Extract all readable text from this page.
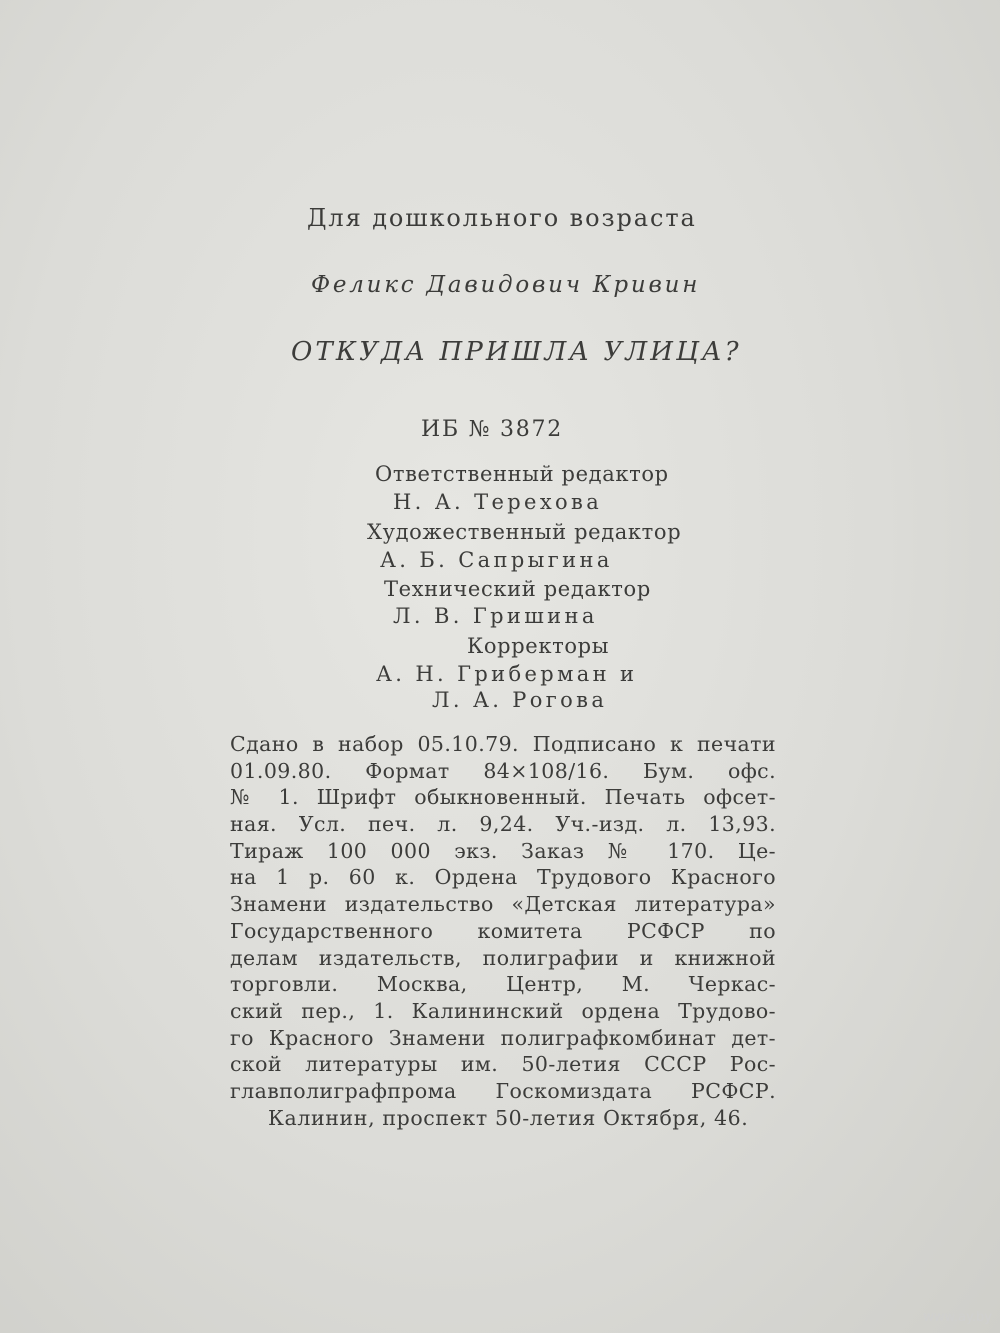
Для дошкольного возраста
Феликс Давидович Кривин
ОТКУДА ПРИШЛА УЛИЦА?
ИБ № 3872
Ответственный редактор
Н. А. Терехова
Художественный редактор
А. Б. Сапрыгина
Технический редактор
Л. В. Гришина
Корректоры
А. Н. Гриберман и
Л. А. Рогова
Сдано в набор 05.10.79. Подписано к печати
01.09.80. Формат 84×108/16. Бум. офс.
№ 1. Шрифт обыкновенный. Печать офсет-
ная. Усл. печ. л. 9,24. Уч.-изд. л. 13,93.
Тираж 100 000 экз. Заказ № 170. Це-
на 1 р. 60 к. Ордена Трудового Красного
Знамени издательство «Детская литература»
Государственного комитета РСФСР по
делам издательств, полиграфии и книжной
торговли. Москва, Центр, М. Черкас-
ский пер., 1. Калининский ордена Трудово-
го Красного Знамени полиграфкомбинат дет-
ской литературы им. 50-летия СССР Рос-
главполиграфпрома Госкомиздата РСФСР.
Калинин, проспект 50-летия Октября, 46.
www.ay.by
